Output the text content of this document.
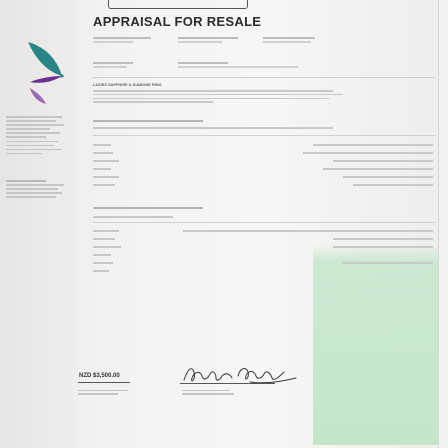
APPRAISAL FOR RESALE
LADIES SAPPHIRE & DIAMOND RING
NZD $3,500.00
